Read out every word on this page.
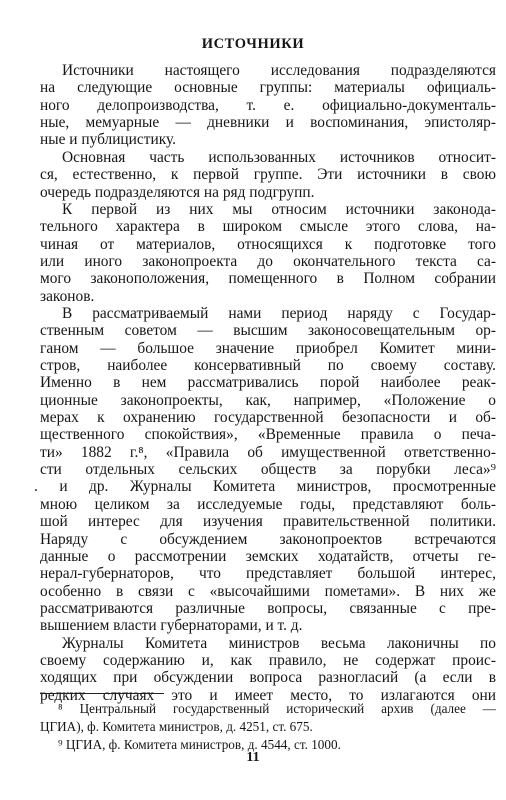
ИСТОЧНИКИ
Источники настоящего исследования подразделяются
на следующие основные группы: материалы официаль-
ного делопроизводства, т. е. официально-документаль-
ные, мемуарные — дневники и воспоминания, эпистоляр-
ные и публицистику.
Основная часть использованных источников относит-
ся, естественно, к первой группе. Эти источники в свою
очередь подразделяются на ряд подгрупп.
К первой из них мы относим источники законода-
тельного характера в широком смысле этого слова, на-
чиная от материалов, относящихся к подготовке того
или иного законопроекта до окончательного текста са-
мого законоположения, помещенного в Полном собрании
законов.
В рассматриваемый нами период наряду с Государ-
ственным советом — высшим законосовещательным ор-
ганом — большое значение приобрел Комитет мини-
стров, наиболее консервативный по своему составу.
Именно в нем рассматривались порой наиболее реак-
ционные законопроекты, как, например, «Положение о
мерах к охранению государственной безопасности и об-
щественного спокойствия», «Временные правила о печа-
ти» 1882 г.⁸, «Правила об имущественной ответственно-
сти отдельных сельских обществ за порубки леса»⁹
. и др. Журналы Комитета министров, просмотренные
мною целиком за исследуемые годы, представляют боль-
шой интерес для изучения правительственной политики.
Наряду с обсуждением законопроектов встречаются
данные о рассмотрении земских ходатайств, отчеты ге-
нерал-губернаторов, что представляет большой интерес,
особенно в связи с «высочайшими пометами». В них же
рассматриваются различные вопросы, связанные с пре-
вышением власти губернаторами, и т. д.
Журналы Комитета министров весьма лаконичны по
своему содержанию и, как правило, не содержат проис-
ходящих при обсуждении вопроса разногласий (а если в
редких случаях это и имеет место, то излагаются они
⁸ Центральный государственный исторический архив (далее —
ЦГИА), ф. Комитета министров, д. 4251, ст. 675.
⁹ ЦГИА, ф. Комитета министров, д. 4544, ст. 1000.
11
